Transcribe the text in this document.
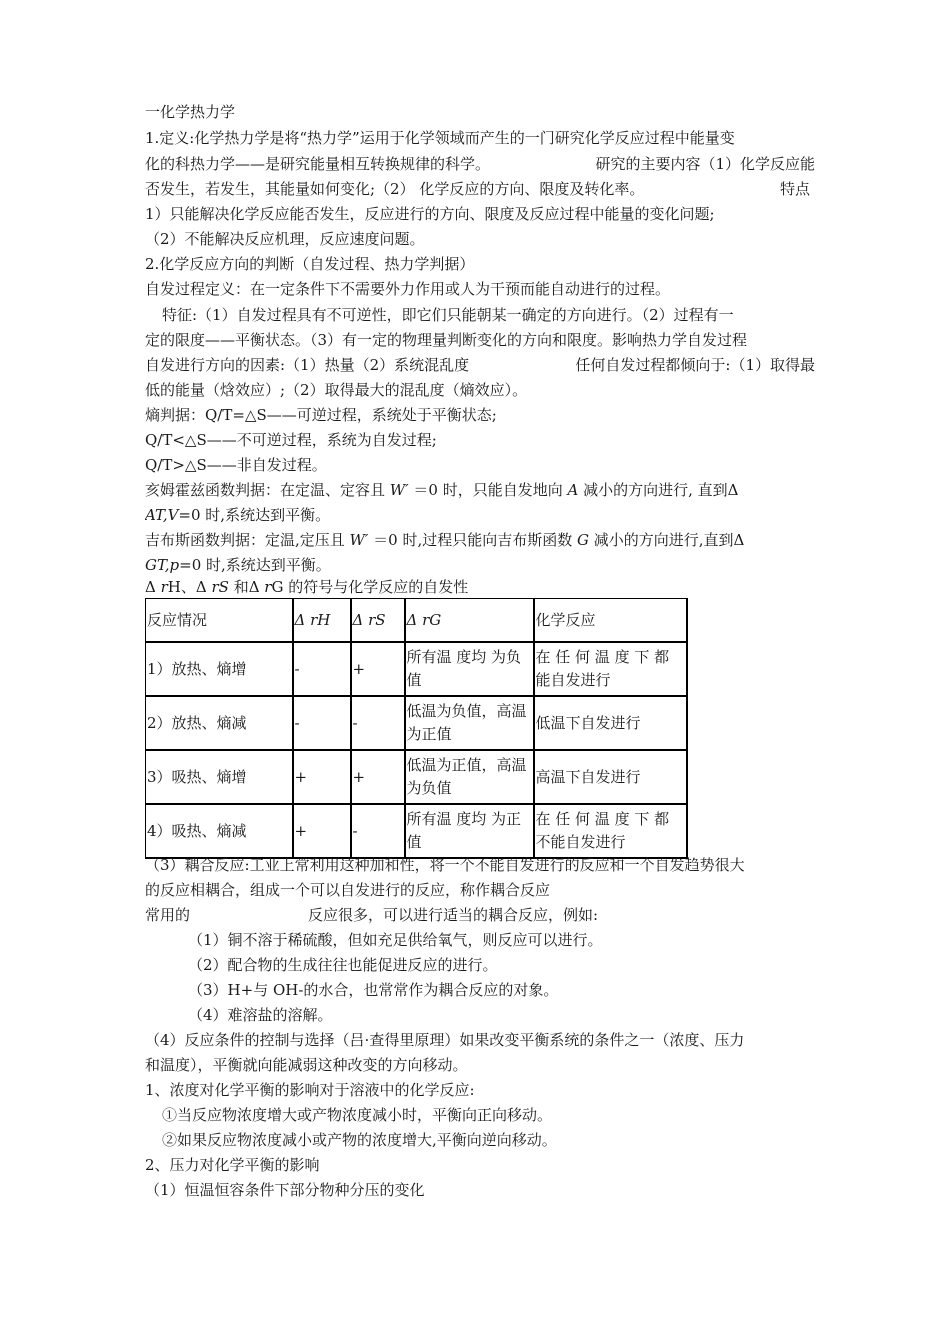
一化学热力学
1.定义:化学热力学是将“热力学”运用于化学领域而产生的一门研究化学反应过程中能量变
化的科热力学——是研究能量相互转换规律的科学。	研究的主要内容（1）化学反应能
否发生，若发生，其能量如何变化;（2） 化学反应的方向、限度及转化率。	特点
1）只能解决化学反应能否发生，反应进行的方向、限度及反应过程中能量的变化问题;
（2）不能解决反应机理，反应速度问题。
2.化学反应方向的判断（自发过程、热力学判据）
自发过程定义：在一定条件下不需要外力作用或人为干预而能自动进行的过程。
特征:（1）自发过程具有不可逆性，即它们只能朝某一确定的方向进行。（2）过程有一
定的限度——平衡状态。（3）有一定的物理量判断变化的方向和限度。影响热力学自发过程
自发进行方向的因素:（1）热量（2）系统混乱度	任何自发过程都倾向于:（1）取得最
低的能量（焓效应）;（2）取得最大的混乱度（熵效应）。
熵判据：Q/T=△S——可逆过程，系统处于平衡状态;
Q/T<△S——不可逆过程，系统为自发过程;
Q/T>△S——非自发过程。
亥姆霍兹函数判据：在定温、定容且 W′ ＝0 时，只能自发地向 A 减小的方向进行, 直到Δ
AT,V=0 时,系统达到平衡。
吉布斯函数判据：定温,定压且 W′ ＝0 时,过程只能向吉布斯函数 G 减小的方向进行,直到Δ
GT,p=0 时,系统达到平衡。
Δ rH、Δ rS 和Δ rG 的符号与化学反应的自发性
反应情况	Δ rH	Δ rS	Δ rG	化学反应
1）放热、熵增	-	+	所有温 度均 为负值	在 任 何 温 度 下 都 能自发进行
2）放热、熵减	-	-	低温为负值，高温为正值	低温下自发进行
3）吸热、熵增	+	+	低温为正值，高温为负值	高温下自发进行
4）吸热、熵减	+	-	所有温 度均 为正值	在 任 何 温 度 下 都 不能自发进行
（3）耦合反应:工业上常利用这种加和性，将一个不能自发进行的反应和一个自发趋势很大
的反应相耦合，组成一个可以自发进行的反应，称作耦合反应
常用的	反应很多，可以进行适当的耦合反应，例如:
（1）铜不溶于稀硫酸，但如充足供给氧气，则反应可以进行。
（2）配合物的生成往往也能促进反应的进行。
（3）H+与 OH-的水合，也常常作为耦合反应的对象。
（4）难溶盐的溶解。
（4）反应条件的控制与选择（吕·查得里原理）如果改变平衡系统的条件之一（浓度、压力
和温度），平衡就向能减弱这种改变的方向移动。
1、浓度对化学平衡的影响对于溶液中的化学反应:
①当反应物浓度增大或产物浓度减小时，平衡向正向移动。
②如果反应物浓度减小或产物的浓度增大,平衡向逆向移动。
2、压力对化学平衡的影响
（1）恒温恒容条件下部分物种分压的变化
